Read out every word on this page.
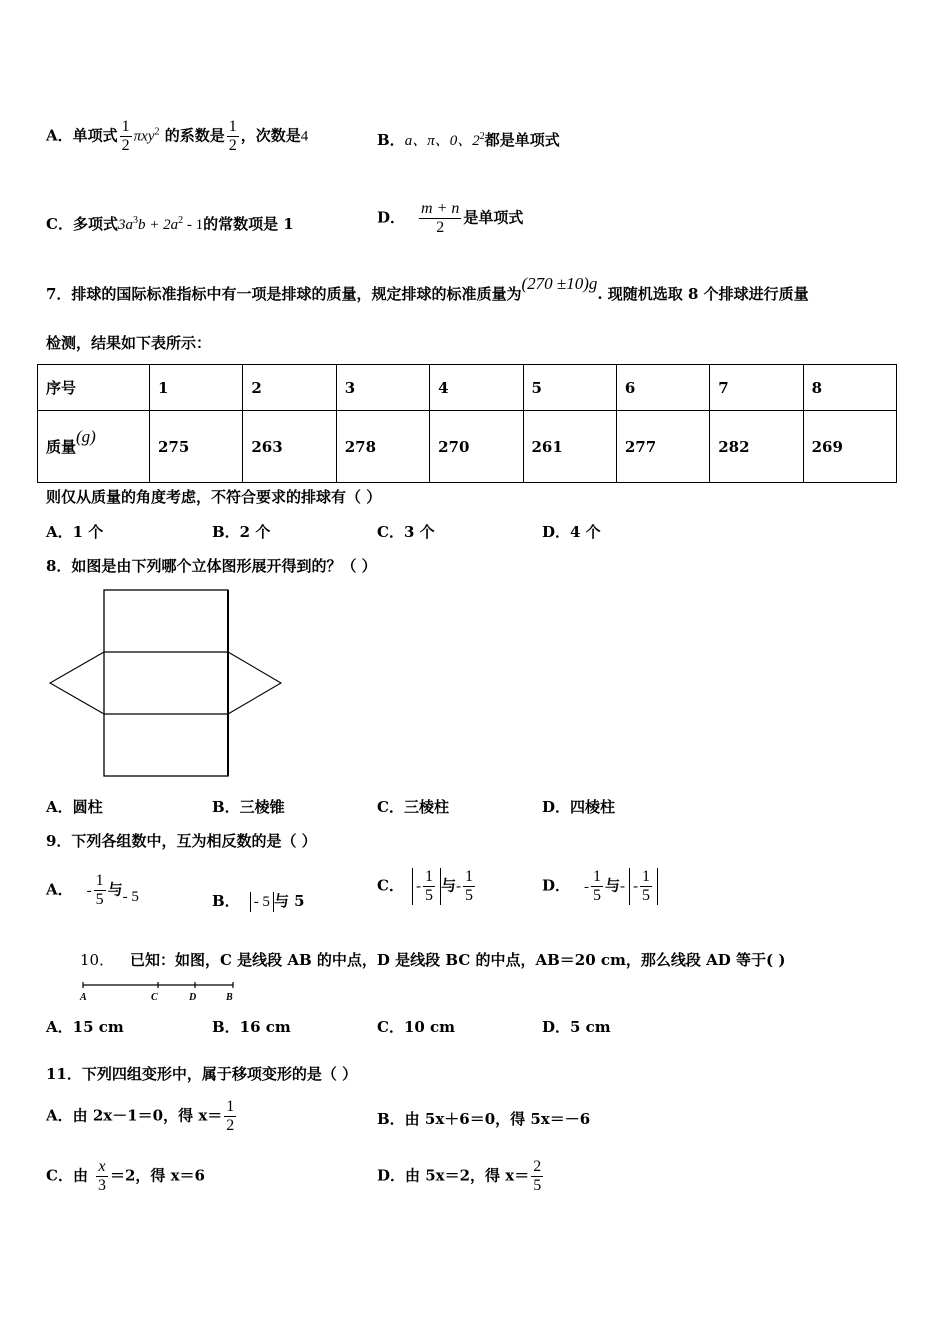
A．单项式 $\frac{1}{2} \pi xy^2$ 的系数是 $\frac{1}{2}$ ，次数是4	B．a、π、0、$2^2$都是单项式
C．多项式$3a^3b + 2a^2 - 1$的常数项是 1	D． $\frac{m + n}{2}$ 是单项式
7．排球的国际标准指标中有一项是排球的质量，规定排球的标准质量为(270 ±10)g. 现随机选取 8 个排球进行质量
检测，结果如下表所示：
序号	1	2	3	4	5	6	7	8
质量(g)	275	263	278	270	261	277	282	269
则仅从质量的角度考虑，不符合要求的排球有（ ）
A．1 个	B．2 个	C．3 个	D．4 个
8．如图是由下列哪个立体图形展开得到的？（ ）
A．圆柱	B．三棱锥	C．三棱柱	D．四棱柱
9．下列各组数中，互为相反数的是（ ）
A． - $\frac{1}{5}$ 与- 5	B． - 5 与 5
C． - $\frac{1}{5}$ 与- $\frac{1}{5}$	D． - $\frac{1}{5}$ 与- - $\frac{1}{5}$
10． 已知：如图，C 是线段 AB 的中点，D 是线段 BC 的中点，AB＝20 cm，那么线段 AD 等于( )
A	C	D	B
A．15 cm	B．16 cm	C．10 cm	D．5 cm
11．下列四组变形中，属于移项变形的是（ ）
A．由 2x－1＝0，得 $x= \frac{1}{2}$	B．由 5x＋6＝0，得 5x＝－6
C．由 $\frac{x}{3} =2$，得 x＝6	D．由 5x＝2，得 $x= \frac{2}{5}$
